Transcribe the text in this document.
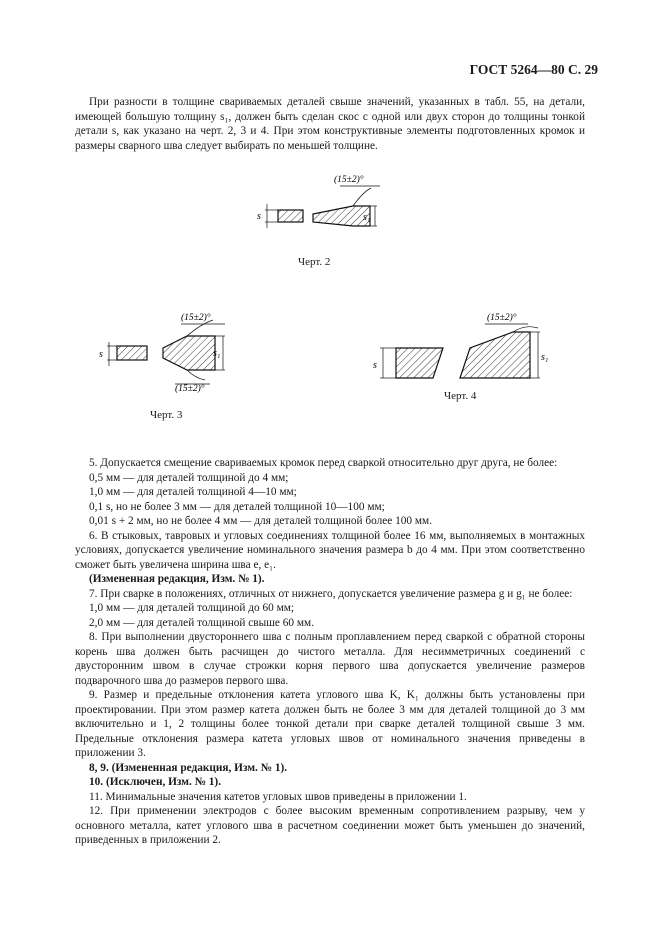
ГОСТ 5264—80 С. 29

При разности в толщине свариваемых деталей свыше значений, указанных в табл. 55, на детали, имеющей большую толщину s₁, должен быть сделан скос с одной или двух сторон до толщины тонкой детали s, как указано на черт. 2, 3 и 4. При этом конструктивные элементы подготовленных кромок и размеры сварного шва следует выбирать по меньшей толщине.

s	s₁
(15±2)°
Черт. 2
s	s₁
(15±2)°
(15±2)°
Черт. 3
s
s₁
(15±2)°
Черт. 4

5. Допускается смещение свариваемых кромок перед сваркой относительно друг друга, не более:

0,5 мм — для деталей толщиной до 4 мм;

1,0 мм — для деталей толщиной 4—10 мм;

0,1 s, но не более 3 мм — для деталей толщиной 10—100 мм;

0,01 s + 2 мм, но не более 4 мм — для деталей толщиной более 100 мм.

6. В стыковых, тавровых и угловых соединениях толщиной более 16 мм, выполняемых в монтажных условиях, допускается увеличение номинального значения размера b до 4 мм. При этом соответственно сможет быть увеличена ширина шва e, e₁.

(Измененная редакция, Изм. № 1).

7. При сварке в положениях, отличных от нижнего, допускается увеличение размера g и g₁ не более:

1,0 мм — для деталей толщиной до 60 мм;

2,0 мм — для деталей толщиной свыше 60 мм.

8. При выполнении двустороннего шва с полным проплавлением перед сваркой с обратной стороны корень шва должен быть расчищен до чистого металла. Для несимметричных соединений с двусторонним швом в случае строжки корня первого шва допускается увеличение размеров подварочного шва до размеров первого шва.

9. Размер и предельные отклонения катета углового шва K, K₁ должны быть установлены при проектировании. При этом размер катета должен быть не более 3 мм для деталей толщиной до 3 мм включительно и 1, 2 толщины более тонкой детали при сварке деталей толщиной свыше 3 мм. Предельные отклонения размера катета угловых швов от номинального значения приведены в приложении 3.

8, 9. (Измененная редакция, Изм. № 1).

10. (Исключен, Изм. № 1).

11. Минимальные значения катетов угловых швов приведены в приложении 1.

12. При применении электродов с более высоким временным сопротивлением разрыву, чем у основного металла, катет углового шва в расчетном соединении может быть уменьшен до значений, приведенных в приложении 2.
